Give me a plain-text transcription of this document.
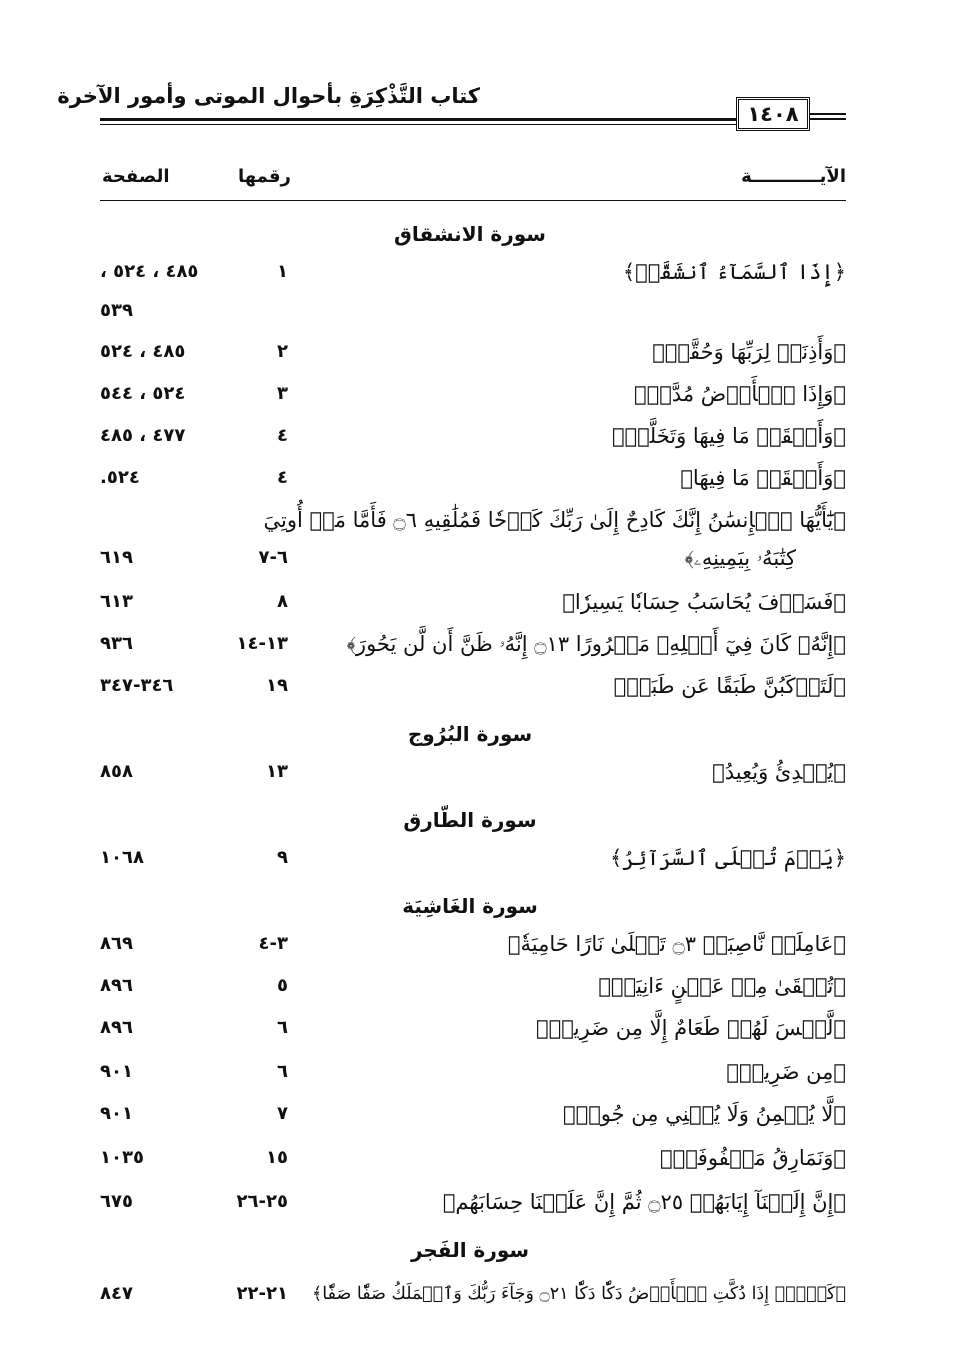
كتاب التَّذْكِرَةِ بأحوال الموتى وأمور الآخرة
١٤٠٨
الآيـــــــــــة
رقمها
الصفحة
سورة الانشقاق
﴿إِذَا ٱلسَّمَآءُ ٱنشَقَّتۡ﴾
١
٤٨٥ ، ٥٢٤ ،
٥٣٩
﴿وَأَذِنَتۡ لِرَبِّهَا وَحُقَّتۡ﴾
٢
٤٨٥ ، ٥٢٤
﴿وَإِذَا ٱلۡأَرۡضُ مُدَّتۡ﴾
٣
٥٢٤ ، ٥٤٤
﴿وَأَلۡقَتۡ مَا فِيهَا وَتَخَلَّتۡ﴾
٤
٤٧٧ ، ٤٨٥
﴿وَأَلۡقَتۡ مَا فِيهَا﴾
٤
٥٢٤.
﴿يَٰٓأَيُّهَا ٱلۡإِنسَٰنُ إِنَّكَ كَادِحٌ إِلَىٰ رَبِّكَ كَدۡحٗا فَمُلَٰقِيهِ ۝٦ فَأَمَّا مَنۡ أُوتِيَ
كِتَٰبَهُۥ بِيَمِينِهِۦ﴾
٦-٧
٦١٩
﴿فَسَوۡفَ يُحَاسَبُ حِسَابٗا يَسِيرٗا﴾
٨
٦١٣
﴿إِنَّهُۥ كَانَ فِيٓ أَهۡلِهِۦ مَسۡرُورًا ۝١٣ إِنَّهُۥ ظَنَّ أَن لَّن يَحُورَ﴾
١٣-١٤
٩٣٦
﴿لَتَرۡكَبُنَّ طَبَقًا عَن طَبَقٖ﴾
١٩
٣٤٦-٣٤٧
سورة البُرُوج
﴿يُبۡدِئُ وَيُعِيدُ﴾
١٣
٨٥٨
سورة الطّارق
﴿يَوۡمَ تُبۡلَى ٱلسَّرَآئِرُ﴾
٩
١٠٦٨
سورة الغَاشِيَة
﴿عَامِلَةٞ نَّاصِبَةٞ ۝٣ تَصۡلَىٰ نَارًا حَامِيَةٗ﴾
٣-٤
٨٦٩
﴿تُسۡقَىٰ مِنۡ عَيۡنٍ ءَانِيَةٖ﴾
٥
٨٩٦
﴿لَّيۡسَ لَهُمۡ طَعَامٌ إِلَّا مِن ضَرِيعٖ﴾
٦
٨٩٦
﴿مِن ضَرِيعٖ﴾
٦
٩٠١
﴿لَّا يُسۡمِنُ وَلَا يُغۡنِي مِن جُوعٖ﴾
٧
٩٠١
﴿وَنَمَارِقُ مَصۡفُوفَةٞ﴾
١٥
١٠٣٥
﴿إِنَّ إِلَيۡنَآ إِيَابَهُمۡ ۝٢٥ ثُمَّ إِنَّ عَلَيۡنَا حِسَابَهُم﴾
٢٥-٢٦
٦٧٥
سورة الفَجر
﴿كَلَّآۖ إِذَا دُكَّتِ ٱلۡأَرۡضُ دَكّٗا دَكّٗا ۝٢١ وَجَآءَ رَبُّكَ وَٱلۡمَلَكُ صَفّٗا صَفّٗا﴾
٢١-٢٢
٨٤٧
